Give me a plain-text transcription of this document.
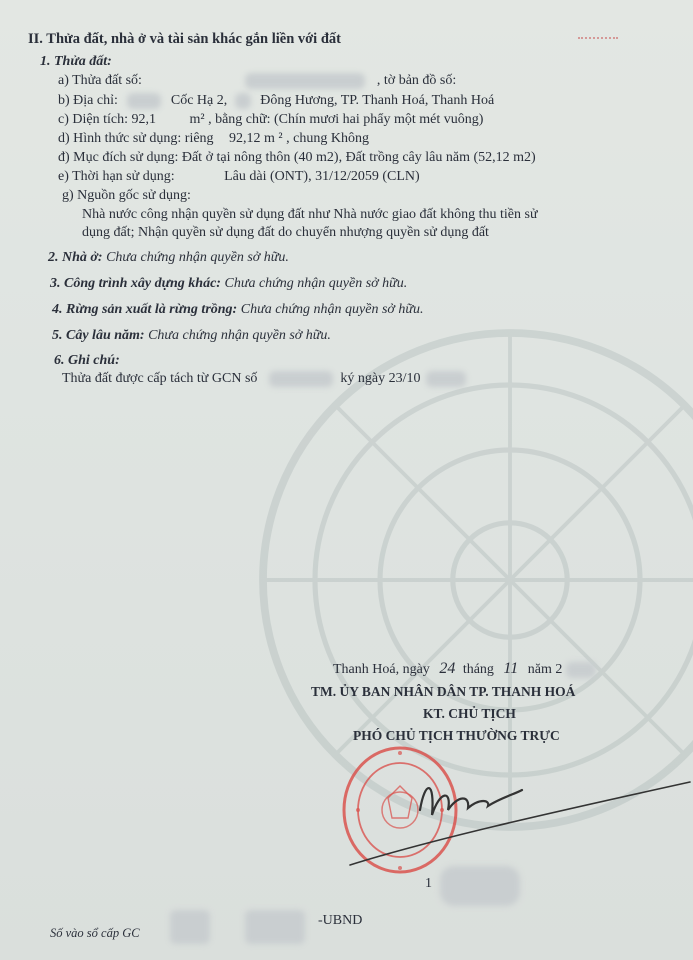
II. Thửa đất, nhà ở và tài sản khác gắn liền với đất
1. Thửa đất:
a) Thửa đất số:	, tờ bản đồ số:
b) Địa chỉ:	Cốc Hạ 2, Đông Hương, TP. Thanh Hoá, Thanh Hoá
c) Diện tích: 92,1 m² , bằng chữ: (Chín mươi hai phẩy một mét vuông)
d) Hình thức sử dụng: riêng 92,12 m ² , chung Không
đ) Mục đích sử dụng: Đất ở tại nông thôn (40 m2), Đất trồng cây lâu năm (52,12 m2)
e) Thời hạn sử dụng:	Lâu dài (ONT), 31/12/2059 (CLN)
g) Nguồn gốc sử dụng:
Nhà nước công nhận quyền sử dụng đất như Nhà nước giao đất không thu tiền sử
dụng đất; Nhận quyền sử dụng đất do chuyển nhượng quyền sử dụng đất
2. Nhà ở: Chưa chứng nhận quyền sở hữu.
3. Công trình xây dựng khác: Chưa chứng nhận quyền sở hữu.
4. Rừng sản xuất là rừng trồng: Chưa chứng nhận quyền sở hữu.
5. Cây lâu năm: Chưa chứng nhận quyền sở hữu.
6. Ghi chú:
Thửa đất được cấp tách từ GCN số	ký ngày 23/10
Thanh Hoá, ngày 24 tháng 11 năm 2
TM. ỦY BAN NHÂN DÂN TP. THANH HOÁ
KT. CHỦ TỊCH
PHÓ CHỦ TỊCH THƯỜNG TRỰC
1
Số vào sổ cấp GC
-UBND
